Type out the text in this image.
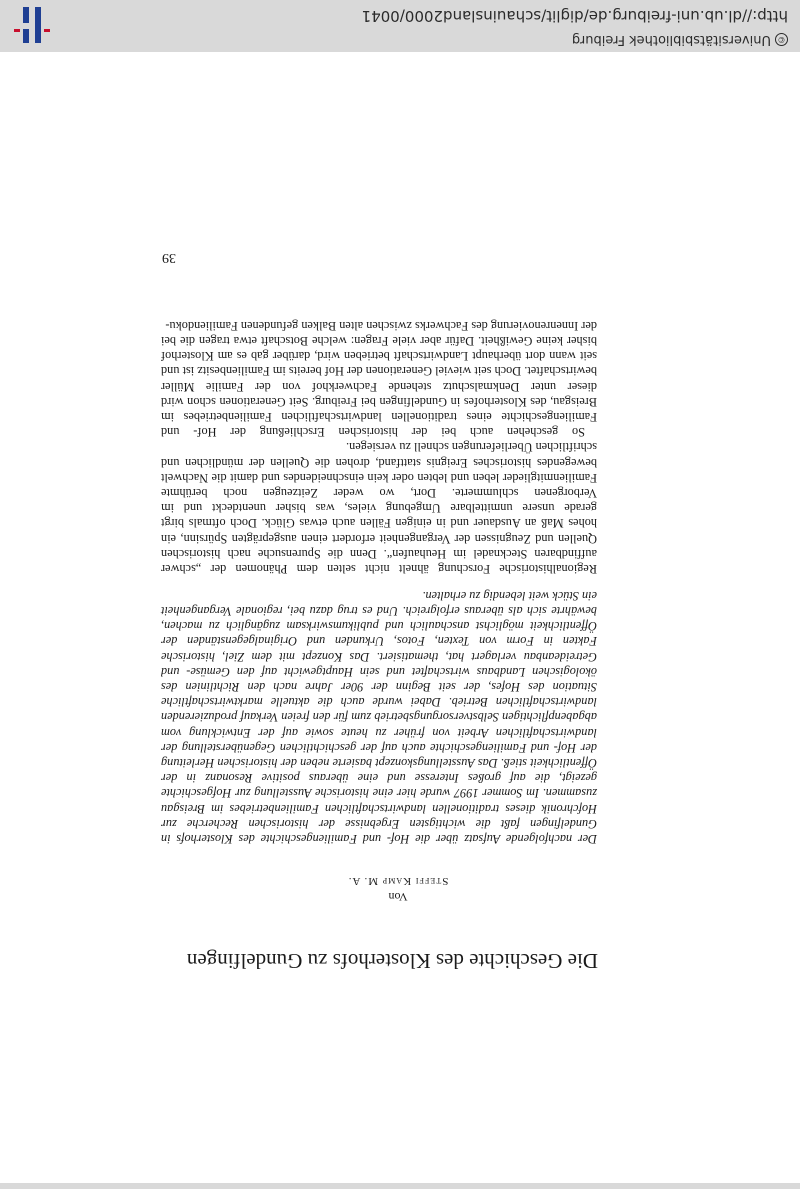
Die Geschichte des Klosterhofs zu Gundelfingen
Von
Steffi Kamp M. A.

Der nachfolgende Aufsatz über die Hof- und Familiengeschichte des Klosterhofs in Gundelfingen faßt die wichtigsten Ergebnisse der historischen Recherche zur Hofchronik dieses traditionellen landwirtschaftlichen Familienbetriebes im Breisgau zusammen. Im Sommer 1997 wurde hier eine historische Ausstellung zur Hofgeschichte gezeigt, die auf großes Interesse und eine überaus positive Resonanz in der Öffentlichkeit stieß. Das Ausstellungskonzept basierte neben der historischen Herleitung der Hof- und Familiengeschichte auch auf der geschichtlichen Gegenüberstellung der landwirtschaftlichen Arbeit von früher zu heute sowie auf der Entwicklung vom abgabenpflichtigen Selbstversorgungsbetrieb zum für den freien Verkauf produzierenden landwirtschaftlichen Betrieb. Dabei wurde auch die aktuelle marktwirtschaftliche Situation des Hofes, der seit Beginn der 90er Jahre nach den Richtlinien des ökologischen Landbaus wirtschaftet und sein Hauptgewicht auf den Gemüse- und Getreideanbau verlagert hat, thematisiert. Das Konzept mit dem Ziel, historische Fakten in Form von Texten, Fotos, Urkunden und Originalgegenständen der Öffentlichkeit möglichst anschaulich und publikumswirksam zugänglich zu machen, bewährte sich als überaus erfolgreich. Und es trug dazu bei, regionale Vergangenheit ein Stück weit lebendig zu erhalten.

Regionalhistorische Forschung ähnelt nicht selten dem Phänomen der „schwer auffindbaren Stecknadel im Heuhaufen“. Denn die Spurensuche nach historischen Quellen und Zeugnissen der Vergangenheit erfordert einen ausgeprägten Spürsinn, ein hohes Maß an Ausdauer und in einigen Fällen auch etwas Glück. Doch oftmals birgt gerade unsere unmittelbare Umgebung vieles, was bisher unentdeckt und im Verborgenen schlummerte. Dort, wo weder Zeitzeugen noch berühmte Familienmitglieder leben und lebten oder kein einschneidendes und damit die Nachwelt bewegendes historisches Ereignis stattfand, drohen die Quellen der mündlichen und schriftlichen Überlieferungen schnell zu versiegen.

So geschehen auch bei der historischen Erschließung der Hof- und Familiengeschichte eines traditionellen landwirtschaftlichen Familienbetriebes im Breisgau, des Klosterhofes in Gundelfingen bei Freiburg. Seit Generationen schon wird dieser unter Denkmalschutz stehende Fachwerkhof von der Familie Müller bewirtschaftet. Doch seit wieviel Generationen der Hof bereits im Familienbesitz ist und seit wann dort überhaupt Landwirtschaft betrieben wird, darüber gab es am Klosterhof bisher keine Gewißheit. Dafür aber viele Fragen: welche Botschaft etwa tragen die bei der Innenrenovierung des Fachwerks zwischen alten Balken gefundenen Familiendoku-

39
©Universitätsbibliothek Freiburg
http://dl.ub.uni-freiburg.de/diglit/schauinsland2000/0041
